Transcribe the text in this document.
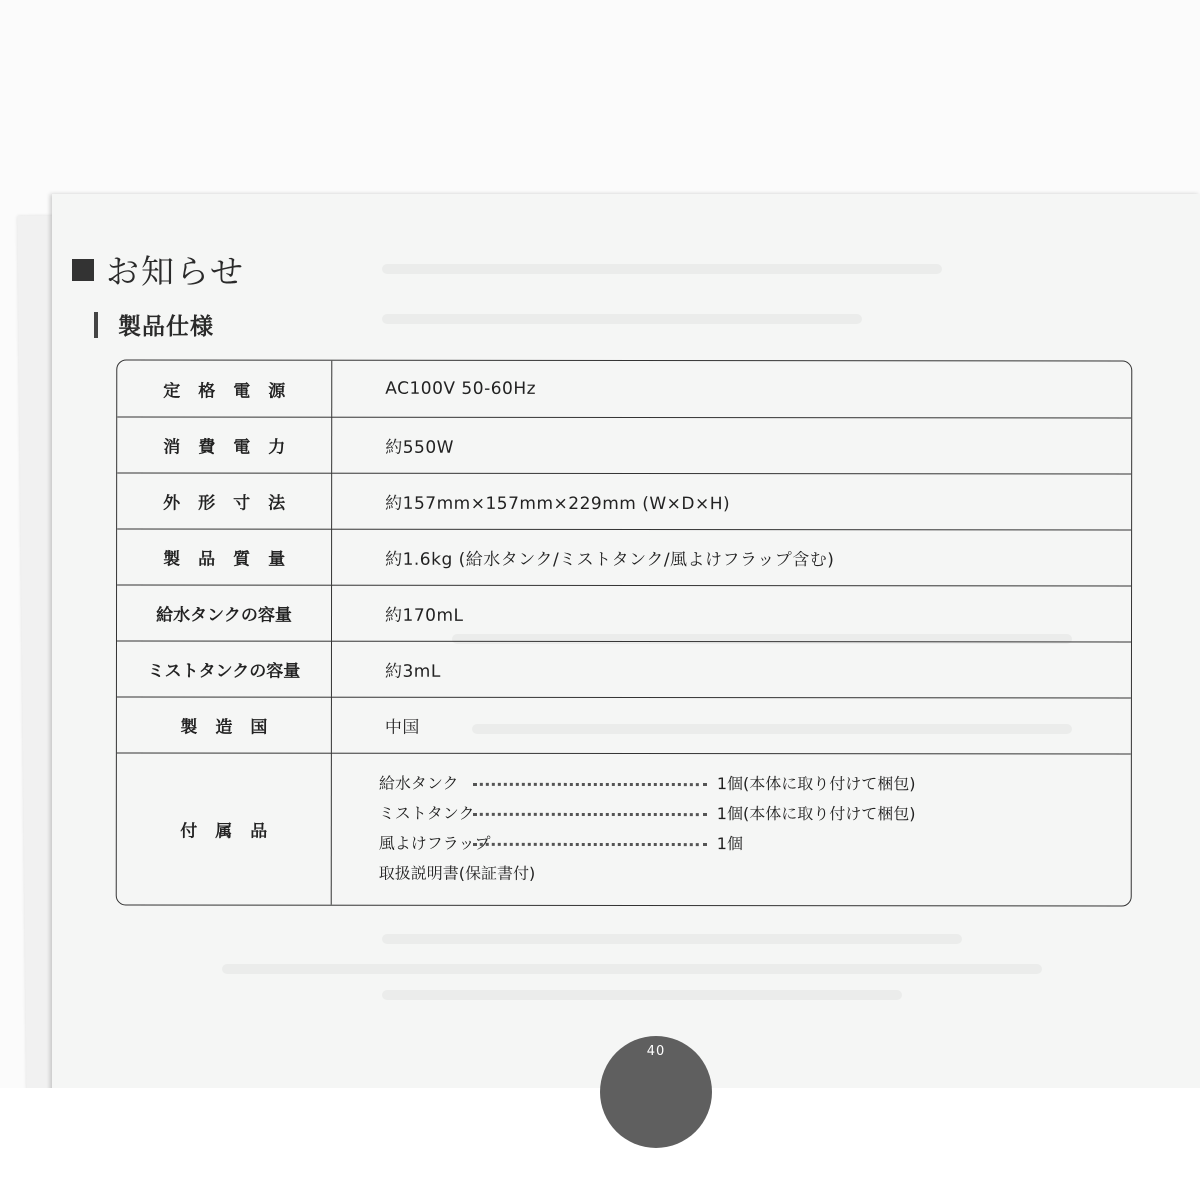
お知らせ
製品仕様
定格電源	AC100V 50-60Hz
消費電力	約550W
外形寸法	約157mm×157mm×229mm (W×D×H)
製品質量	約1.6kg (給水タンク/ミストタンク/風よけフラップ含む)
給水タンクの容量	約170mL
ミストタンクの容量	約3mL
製造国	中国
付属品
給水タンク	1個(本体に取り付けて梱包)
ミストタンク	1個(本体に取り付けて梱包)
風よけフラップ	1個
取扱説明書(保証書付)
40
